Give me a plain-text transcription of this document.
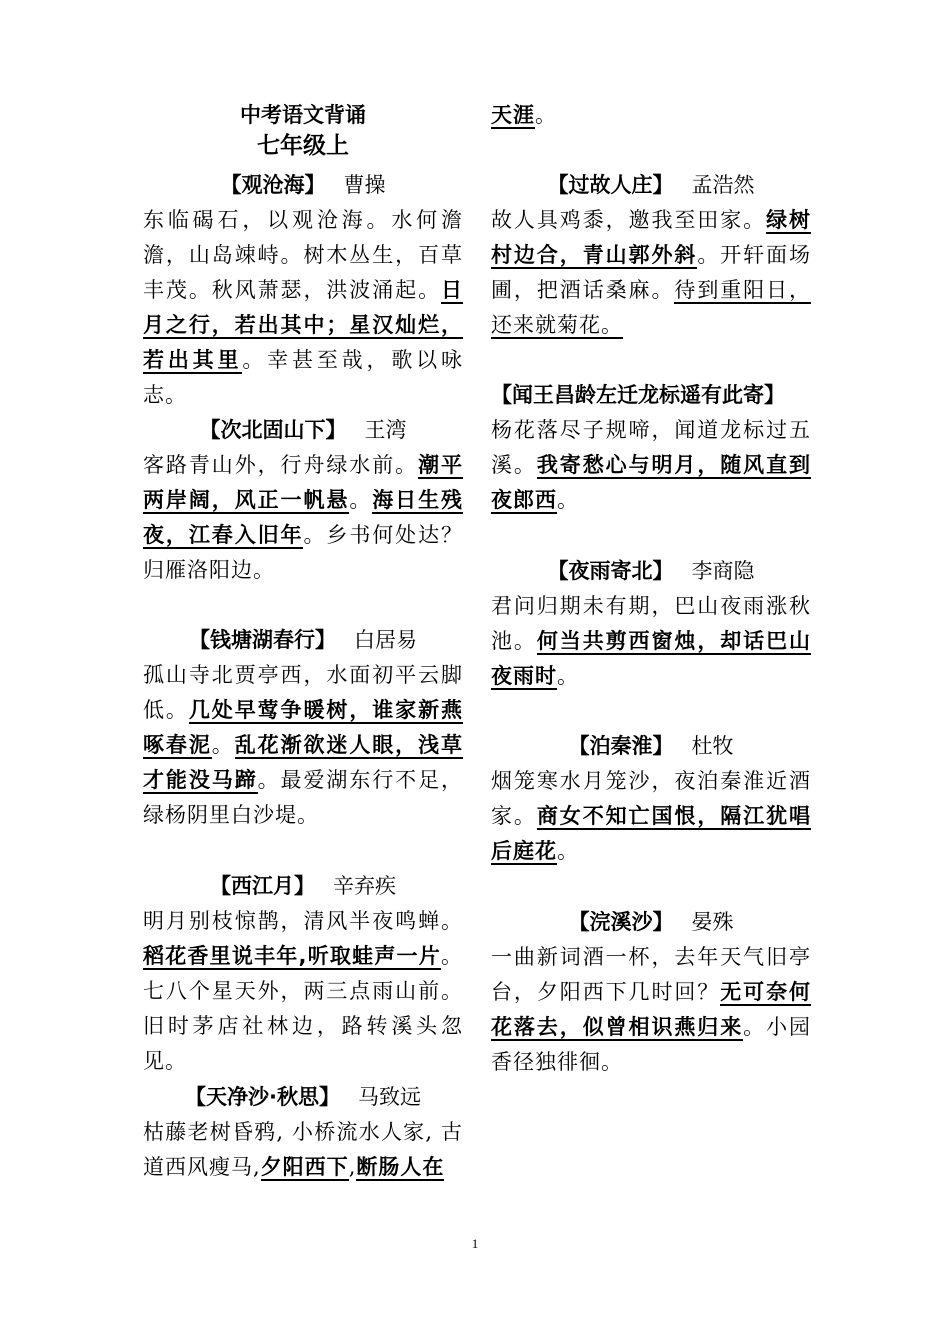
中考语文背诵
七年级上
【观沧海】 曹操
东临碣石，以观沧海。水何澹澹，山岛竦峙。树木丛生，百草丰茂。秋风萧瑟，洪波涌起。日月之行，若出其中；星汉灿烂，若出其里。幸甚至哉，歌以咏志。
【次北固山下】 王湾
客路青山外，行舟绿水前。潮平两岸阔，风正一帆悬。海日生残夜，江春入旧年。乡书何处达？归雁洛阳边。
【钱塘湖春行】 白居易
孤山寺北贾亭西，水面初平云脚低。几处早莺争暖树，谁家新燕啄春泥。乱花渐欲迷人眼，浅草才能没马蹄。最爱湖东行不足，绿杨阴里白沙堤。
【西江月】 辛弃疾
明月别枝惊鹊，清风半夜鸣蝉。稻花香里说丰年,听取蛙声一片。七八个星天外，两三点雨山前。旧时茅店社林边，路转溪头忽见。
【天净沙·秋思】 马致远
枯藤老树昏鸦, 小桥流水人家, 古道西风瘦马,夕阳西下,断肠人在
天涯。
【过故人庄】 孟浩然
故人具鸡黍，邀我至田家。绿树村边合，青山郭外斜。开轩面场圃，把酒话桑麻。待到重阳日，还来就菊花。
【闻王昌龄左迁龙标遥有此寄】
杨花落尽子规啼，闻道龙标过五溪。我寄愁心与明月，随风直到夜郎西。
【夜雨寄北】 李商隐
君问归期未有期，巴山夜雨涨秋池。何当共剪西窗烛，却话巴山夜雨时。
【泊秦淮】 杜牧
烟笼寒水月笼沙，夜泊秦淮近酒家。商女不知亡国恨，隔江犹唱后庭花。
【浣溪沙】 晏殊
一曲新词酒一杯，去年天气旧亭台，夕阳西下几时回？无可奈何花落去，似曾相识燕归来。小园香径独徘徊。
1
